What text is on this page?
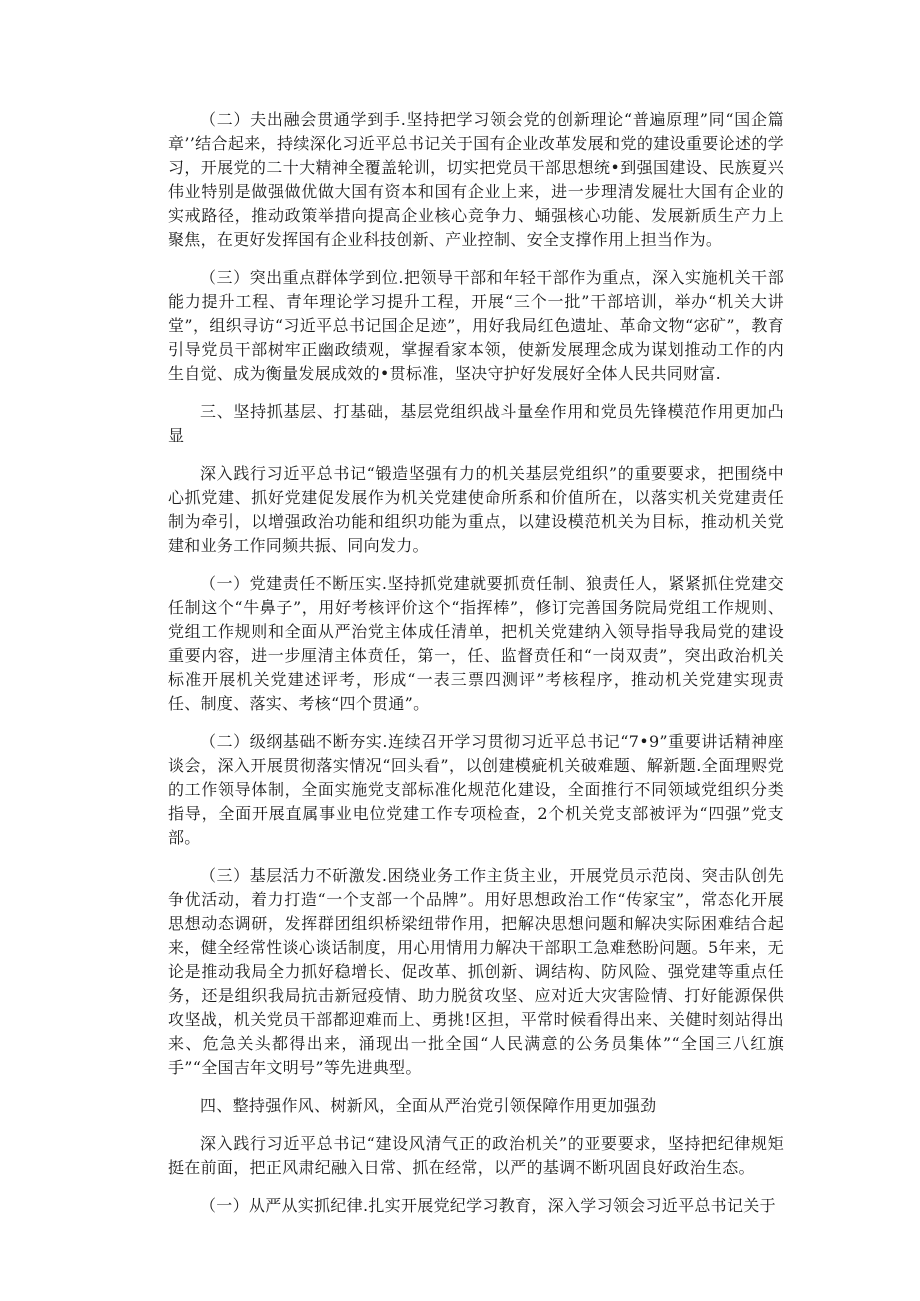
（二）夫出融会贯通学到手.坚持把学习领会党的创新理论“普遍原理”同“国企篇章’’结合起来，持续深化习近平总书记关于国有企业改革发展和党的建设重要论述的学习，开展党的二十大精神全覆盖轮训，切实把党员干部思想统•到强国建设、民族夏兴伟业特别是做强做优做大国有资本和国有企业上来，进一步理清发屣壮大国有企业的实戒路径，推动政策举措向提高企业核心竞争力、蛹强核心功能、发展新质生产力上聚焦，在更好发挥国有企业科技创新、产业控制、安全支撑作用上担当作为。

（三）突出重点群体学到位.把领导干部和年轻干部作为重点，深入实施机关干部能力提升工程、青年理论学习提升工程，开展“三个一批”干部培训，举办“机关大讲堂”，组织寻访“习近平总书记国企足迹”，用好我局红色遗址、革命文物“宓矿”，教育引导党员干部树牢正幽政绩观，掌握看家本领，使新发展理念成为谋划推动工作的内生自觉、成为衡量发展成效的•贯标准，坚决守护好发展好全体人民共同财富.

三、坚持抓基层、打基础，基层党组织战斗量垒作用和党员先锋模范作用更加凸显

深入践行习近平总书记“锻造坚强有力的机关基层党组织”的重要要求，把围绕中心抓党建、抓好党建促发展作为机关党建使命所系和价值所在，以落实机关党建责任制为牵引，以增强政治功能和组织功能为重点，以建设模范机关为目标，推动机关党建和业务工作同频共振、同向发力。

（一）党建责任不断压实.坚持抓党建就要抓贲任制、狼责任人，紧紧抓住党建交任制这个“牛鼻子”，用好考核评价这个“指挥棒”，修订完善国务院局党组工作规则、党组工作规则和全面从严治党主体成任清单，把机关党建纳入领导指导我局党的建设重要内容，进一步厘清主体贲任，第一，任、监督贲任和“一岗双责”，突出政治机关标准开展机关党建述评考，形成“一表三票四测评”考核程序，推动机关党建实现责任、制度、落实、考核“四个贯通”。

（二）级纲基础不断夯实.连续召开学习贯彻习近平总书记“7•9”重要讲话精神座谈会，深入开展贯彻落实情况“回头看”，以创建模疵机关破难题、解新题.全面理赆党的工作领导体制，全面实施党支部标准化规范化建设，全面推行不同领域党组织分类指导，全面开展直属事业电位党建工作专项检查，2个机关党支部被评为“四强”党支部。

（三）基层活力不斫激发.困绕业务工作主货主业，开展党员示范岗、突击队创先争优活动，着力打造“一个支部一个品牌”。用好思想政治工作“传家宝”，常态化开展思想动态调研，发挥群团组织桥梁纽带作用，把解决思想问题和解决实际困难结合起来，健全经常性谈心谈话制度，用心用情用力解决干部职工急难愁盼问题。5年来，无论是推动我局全力抓好稳增长、促改革、抓创新、调结构、防风险、强党建等重点任务，还是组织我局抗击新冠疫情、助力脱贫攻坚、应对近大灾害险情、打好能源保供攻坚战，机关党员干部都迎难而上、勇挑!区担，平常时候看得出来、关健时刻站得出来、危急关头都得出来，涌现出一批全国“人民满意的公务员集体”“全国三八红旗手”“全国吉年文明号”等先进典型。

四、整持强作风、树新风，全面从严治党引领保障作用更加强劲

深入践行习近平总书记“建设风清气正的政治机关”的亚要要求，坚持把纪律规矩挺在前面，把正风肃纪融入日常、抓在经常，以严的基调不断巩固良好政治生态。

（一）从严从实抓纪律.扎实开展党纪学习教育，深入学习领会习近平总书记关于
